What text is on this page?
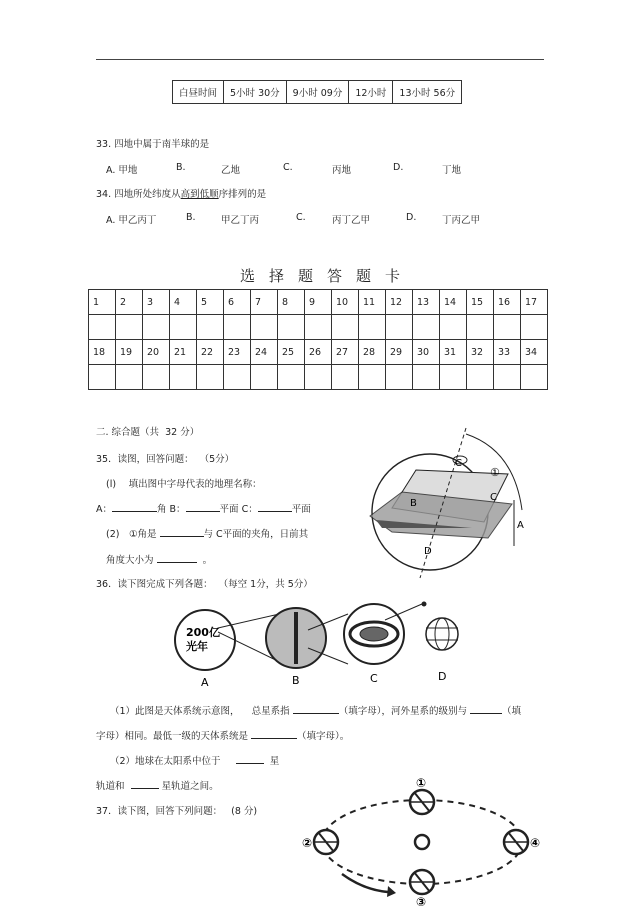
白昼时间	5小时 30分	9小时 09分	12小时	13小时 56分
33. 四地中属于南半球的是
A. 甲地	B.	乙地	C.	丙地	D.	丁地
34. 四地所处纬度从高到低顺序排列的是
A. 甲乙丙丁	B.	甲乙丁丙	C.	丙丁乙甲	D.	丁丙乙甲
选择题答题卡
1	2	3	4	5	6	7	8	9	10	11	12	13	14	15	16	17

18	19	20	21	22	23	24	25	26	27	28	29	30	31	32	33	34

二. 综合题（共 32 分）
35．读图，回答问题： （5分）
(l)　 填出图中字母代表的地理名称：
A：	角 B：	平面 C：	平面
(2)　①角是	与 C平面的夹角，日前其
角度大小为	。
C
①
A
B
C
D
36．读下图完成下列各题： （每空 1分，共 5分）
200亿
光年
A	B	C	D
（1）此图是天体系统示意图， 总星系指	（填字母），河外星系的级别与	（填
字母）相同。最低一级的天体系统是	（填字母）。
（2）地球在太阳系中位于	星
轨道和	星轨道之间。
37．读下图，回答下列问题： (8 分)
①
②
③
④
